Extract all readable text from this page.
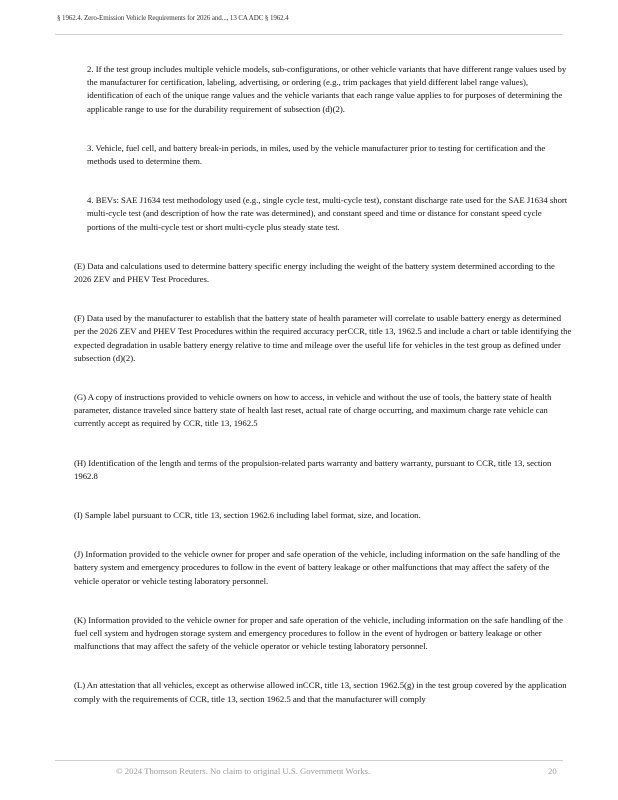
§ 1962.4. Zero-Emission Vehicle Requirements for 2026 and..., 13 CA ADC § 1962.4

2. If the test group includes multiple vehicle models, sub-configurations, or other vehicle variants that have different range values used by the manufacturer for certification, labeling, advertising, or ordering (e.g., trim packages that yield different label range values), identification of each of the unique range values and the vehicle variants that each range value applies to for purposes of determining the applicable range to use for the durability requirement of subsection (d)(2).

3. Vehicle, fuel cell, and battery break-in periods, in miles, used by the vehicle manufacturer prior to testing for certification and the methods used to determine them.

4. BEVs: SAE J1634 test methodology used (e.g., single cycle test, multi-cycle test), constant discharge rate used for the SAE J1634 short multi-cycle test (and description of how the rate was determined), and constant speed and time or distance for constant speed cycle portions of the multi-cycle test or short multi-cycle plus steady state test.

(E) Data and calculations used to determine battery specific energy including the weight of the battery system determined according to the 2026 ZEV and PHEV Test Procedures.

(F) Data used by the manufacturer to establish that the battery state of health parameter will correlate to usable battery energy as determined per the 2026 ZEV and PHEV Test Procedures within the required accuracy perCCR, title 13, 1962.5 and include a chart or table identifying the expected degradation in usable battery energy relative to time and mileage over the useful life for vehicles in the test group as defined under subsection (d)(2).

(G) A copy of instructions provided to vehicle owners on how to access, in vehicle and without the use of tools, the battery state of health parameter, distance traveled since battery state of health last reset, actual rate of charge occurring, and maximum charge rate vehicle can currently accept as required by CCR, title 13, 1962.5

(H) Identification of the length and terms of the propulsion-related parts warranty and battery warranty, pursuant to CCR, title 13, section 1962.8

(I) Sample label pursuant to CCR, title 13, section 1962.6 including label format, size, and location.

(J) Information provided to the vehicle owner for proper and safe operation of the vehicle, including information on the safe handling of the battery system and emergency procedures to follow in the event of battery leakage or other malfunctions that may affect the safety of the vehicle operator or vehicle testing laboratory personnel.

(K) Information provided to the vehicle owner for proper and safe operation of the vehicle, including information on the safe handling of the fuel cell system and hydrogen storage system and emergency procedures to follow in the event of hydrogen or battery leakage or other malfunctions that may affect the safety of the vehicle operator or vehicle testing laboratory personnel.

(L) An attestation that all vehicles, except as otherwise allowed inCCR, title 13, section 1962.5(g) in the test group covered by the application comply with the requirements of CCR, title 13, section 1962.5 and that the manufacturer will comply

© 2024 Thomson Reuters. No claim to original U.S. Government Works.	20
